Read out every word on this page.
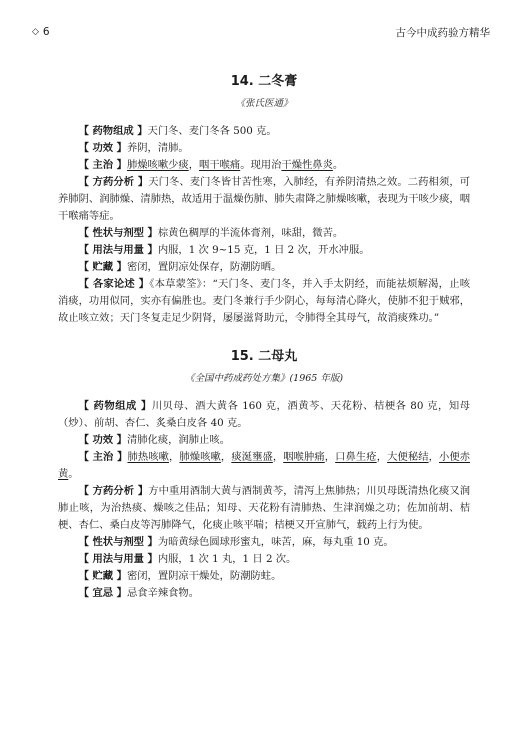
◇ 6	古今中成药验方精华
14. 二冬膏

《张氏医通》

【 药物组成 】天门冬、麦门冬各 500 克。

【 功效 】养阴，清肺。

【 主治 】肺燥咳嗽少痰，咽干喉痛。现用治干燥性鼻炎。

【 方药分析 】天门冬、麦门冬皆甘苦性寒，入肺经，有养阴清热之效。二药相须，可养肺阴、润肺燥、清肺热，故适用于温燥伤肺、肺失肃降之肺燥咳嗽，表现为干咳少痰，咽干喉痛等症。

【 性状与剂型 】棕黄色稠厚的半流体膏剂，味甜，微苦。

【 用法与用量 】内服，1 次 9~15 克，1 日 2 次，开水冲服。

【 贮藏 】密闭，置阴凉处保存，防潮防晒。

【 各家论述 】《本草蒙筌》：“天门冬、麦门冬，并入手太阴经，而能祛烦解渴，止咳消痰，功用似同，实亦有偏胜也。麦门冬兼行手少阴心，每每清心降火，使肺不犯于贼邪，故止咳立效；天门冬复走足少阴肾，屡屡滋肾助元，令肺得全其母气，故消痰殊功。”

15. 二母丸

《全国中药成药处方集》(1965 年版)

【 药物组成 】川贝母、酒大黄各 160 克，酒黄芩、天花粉、桔梗各 80 克，知母（炒）、前胡、杏仁、炙桑白皮各 40 克。

【 功效 】清肺化痰，润肺止咳。

【 主治 】肺热咳嗽，肺燥咳嗽，痰涎壅盛，咽喉肿痛，口鼻生疮，大便秘结，小便赤黄。

【 方药分析 】方中重用酒制大黄与酒制黄芩，清泻上焦肺热；川贝母既清热化痰又润肺止咳，为治热痰、燥咳之佳品；知母、天花粉有清肺热、生津润燥之功；佐加前胡、桔梗、杏仁、桑白皮等泻肺降气，化痰止咳平喘；桔梗又开宣肺气，载药上行为使。

【 性状与剂型 】为暗黄绿色圆球形蜜丸，味苦，麻，每丸重 10 克。

【 用法与用量 】内服，1 次 1 丸，1 日 2 次。

【 贮藏 】密闭，置阴凉干燥处，防潮防蛀。

【 宜忌 】忌食辛辣食物。
